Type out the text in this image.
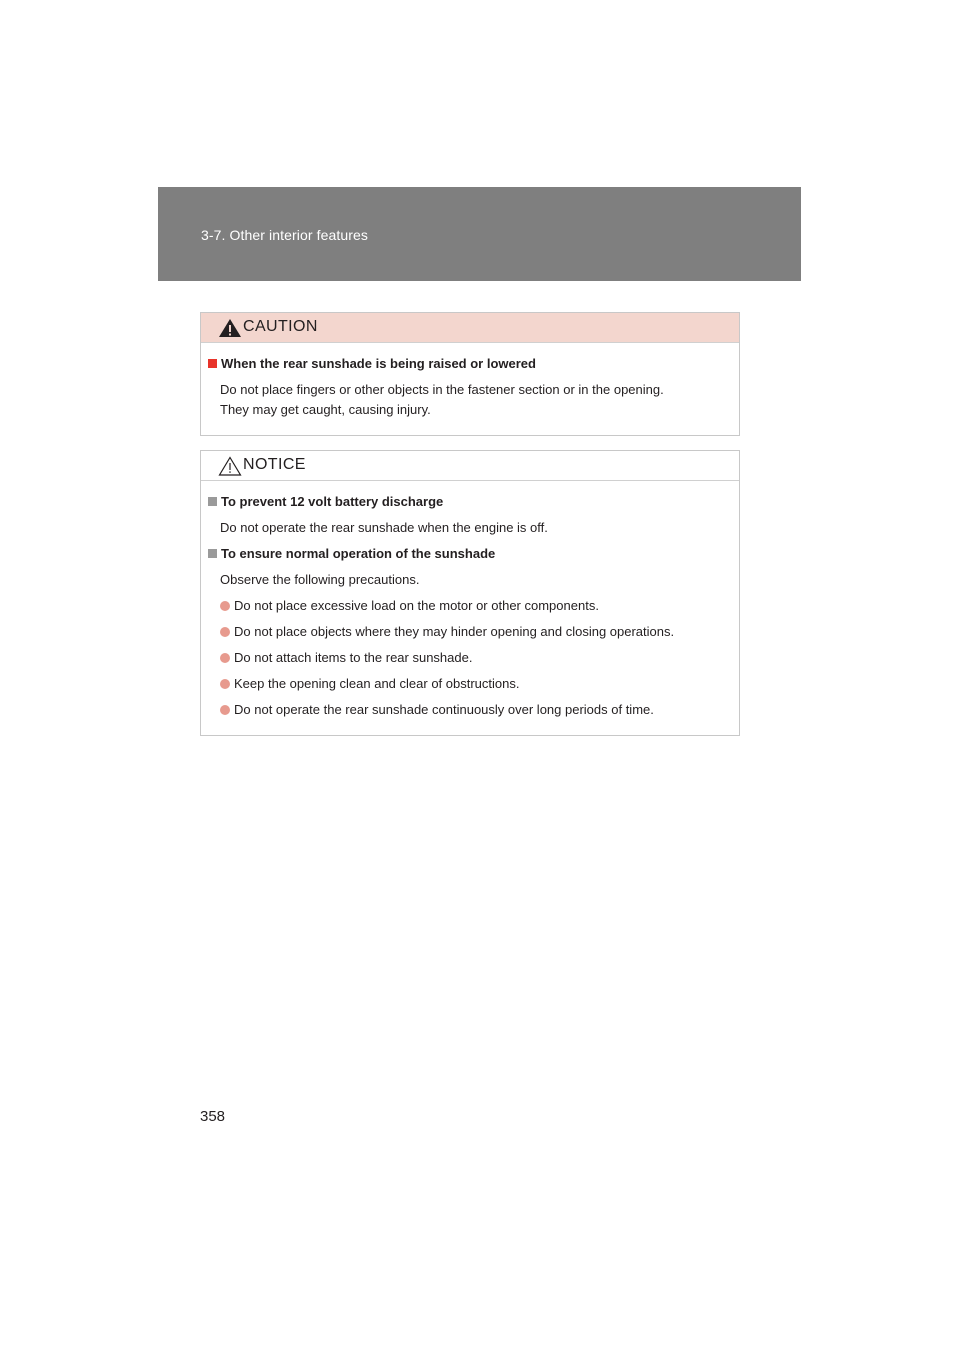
3-7. Other interior features
CAUTION
When the rear sunshade is being raised or lowered
Do not place fingers or other objects in the fastener section or in the opening.
They may get caught, causing injury.
NOTICE
To prevent 12 volt battery discharge
Do not operate the rear sunshade when the engine is off.
To ensure normal operation of the sunshade
Observe the following precautions.
Do not place excessive load on the motor or other components.
Do not place objects where they may hinder opening and closing operations.
Do not attach items to the rear sunshade.
Keep the opening clean and clear of obstructions.
Do not operate the rear sunshade continuously over long periods of time.
358
